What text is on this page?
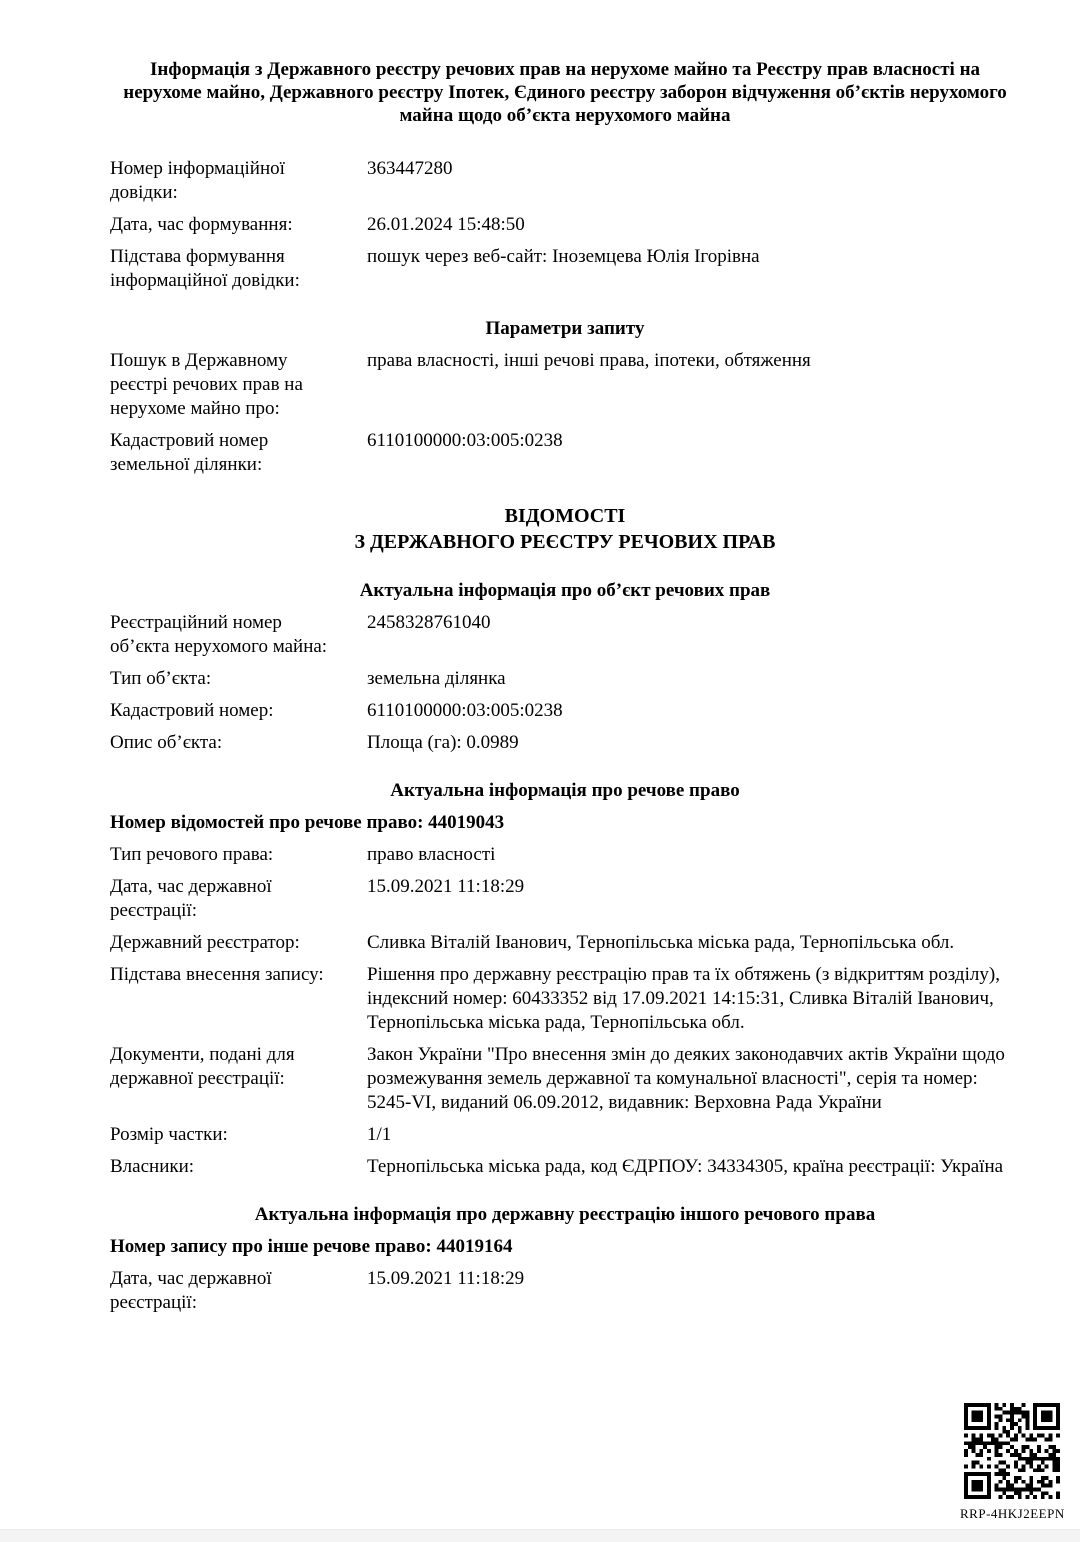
Інформація з Державного реєстру речових прав на нерухоме майно та Реєстру прав власності на нерухоме майно, Державного реєстру Іпотек, Єдиного реєстру заборон відчуження об’єктів нерухомого майна щодо об’єкта нерухомого майна
Номер інформаційної довідки:
363447280
Дата, час формування:	26.01.2024 15:48:50
Підстава формування інформаційної довідки:
пошук через веб-сайт: Іноземцева Юлія Ігорівна
Параметри запиту
Пошук в Державному реєстрі речових прав на нерухоме майно про:
права власності, інші речові права, іпотеки, обтяження
Кадастровий номер земельної ділянки:
6110100000:03:005:0238
ВІДОМОСТІ
З ДЕРЖАВНОГО РЕЄСТРУ РЕЧОВИХ ПРАВ
Актуальна інформація про об’єкт речових прав
Реєстраційний номер об’єкта нерухомого майна:
2458328761040
Тип об’єкта:	земельна ділянка
Кадастровий номер:	6110100000:03:005:0238
Опис об’єкта:	Площа (га): 0.0989
Актуальна інформація про речове право

Номер відомостей про речове право: 44019043

Тип речового права:	право власності
Дата, час державної реєстрації:
15.09.2021 11:18:29
Державний реєстратор:	Сливка Віталій Іванович, Тернопільська міська рада, Тернопільська обл.
Підстава внесення запису:	Рішення про державну реєстрацію прав та їх обтяжень (з відкриттям розділу), індексний номер: 60433352 від 17.09.2021 14:15:31, Сливка Віталій Іванович, Тернопільська міська рада, Тернопільська обл.
Документи, подані для державної реєстрації:
Закон України "Про внесення змін до деяких законодавчих актів України щодо розмежування земель державної та комунальної власності", серія та номер: 5245-VI, виданий 06.09.2012, видавник: Верховна Рада України
Розмір частки:	1/1
Власники:	Тернопільська міська рада, код ЄДРПОУ: 34334305, країна реєстрації: Україна
Актуальна інформація про державну реєстрацію іншого речового права

Номер запису про інше речове право: 44019164

Дата, час державної реєстрації:
15.09.2021 11:18:29
RRP-4HKJ2EEPN
